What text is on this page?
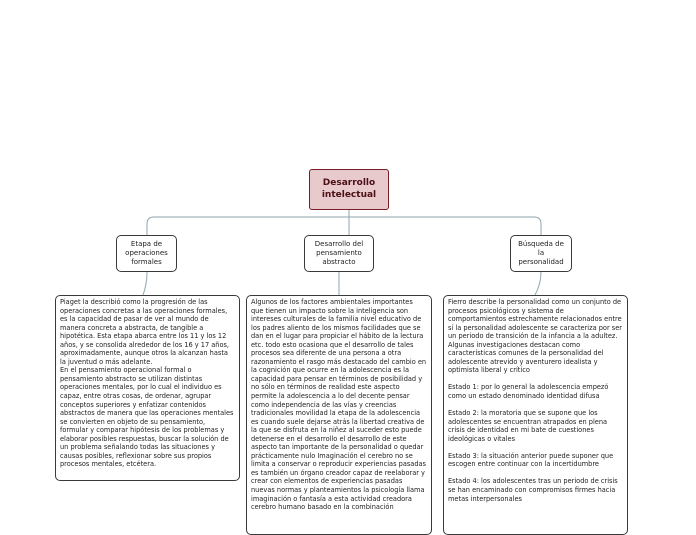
Desarrollo intelectual
Etapa de operaciones formales
Desarrollo del pensamiento abstracto
Búsqueda de la personalidad
Piaget la describió como la progresión de las operaciones concretas a las operaciones formales, es la capacidad de pasar de ver al mundo de manera concreta a abstracta, de tangible a hipotética. Esta etapa abarca entre los 11 y los 12 años, y se consolida alrededor de los 16 y 17 años, aproximadamente, aunque otros la alcanzan hasta la juventud o más adelante.
En el pensamiento operacional formal o pensamiento abstracto se utilizan distintas operaciones mentales, por lo cual el individuo es capaz, entre otras cosas, de ordenar, agrupar conceptos superiores y enfatizar contenidos abstractos de manera que las operaciones mentales se convierten en objeto de su pensamiento, formular y comparar hipótesis de los problemas y elaborar posibles respuestas, buscar la solución de un problema señalando todas las situaciones y causas posibles, reflexionar sobre sus propios procesos mentales, etcétera.
Algunos de los factores ambientales importantes que tienen un impacto sobre la inteligencia son intereses culturales de la familia nivel educativo de los padres aliento de los mismos facilidades que se dan en el lugar para propiciar el hábito de la lectura etc. todo esto ocasiona que el desarrollo de tales procesos sea diferente de una persona a otra razonamiento el rasgo más destacado del cambio en la cognición que ocurre en la adolescencia es la capacidad para pensar en términos de posibilidad y no sólo en términos de realidad este aspecto permite la adolescencia a lo del decente pensar como independencia de las vías y creencias tradicionales movilidad la etapa de la adolescencia es cuando suele dejarse atrás la libertad creativa de la que se disfruta en la niñez al suceder esto puede detenerse en el desarrollo el desarrollo de este aspecto tan importante de la personalidad o quedar prácticamente nulo Imaginación el cerebro no se limita a conservar o reproducir experiencias pasadas es también un órgano creador capaz de reelaborar y crear con elementos de experiencias pasadas nuevas normas y planteamientos la psicología llama imaginación o fantasía a esta actividad creadora cerebro humano basado en la combinación
Fierro describe la personalidad como un conjunto de procesos psicológicos y sistema de comportamientos estrechamente relacionados entre sí la personalidad adolescente se caracteriza por ser un periodo de transición de la infancia a la adultez.
Algunas investigaciones destacan como características comunes de la personalidad del adolescente atrevido y aventurero idealista y optimista liberal y crítico

Estado 1: por lo general la adolescencia empezó como un estado denominado identidad difusa

Estado 2: la moratoria que se supone que los adolescentes se encuentran atrapados en plena crisis de identidad en mi bate de cuestiones ideológicas o vitales

Estado 3: la situación anterior puede suponer que escogen entre continuar con la incertidumbre

Estado 4: los adolescentes tras un periodo de crisis se han encaminado con compromisos firmes hacia metas interpersonales
